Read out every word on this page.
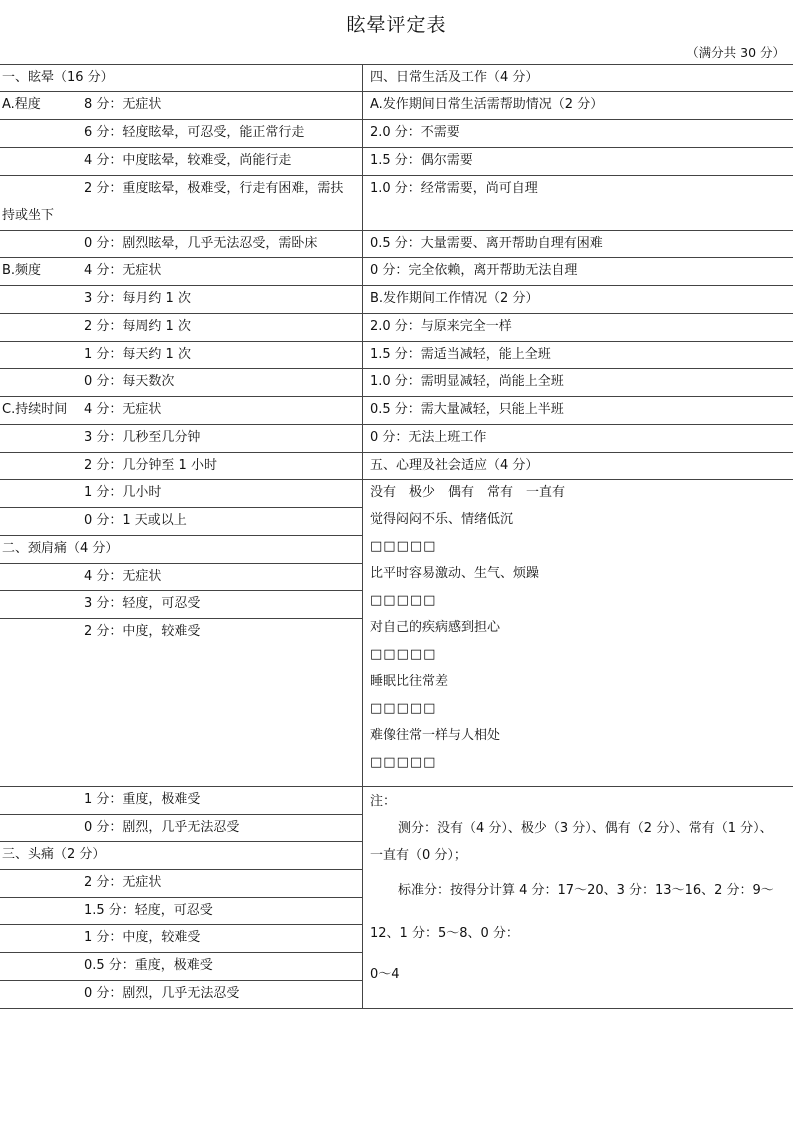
眩晕评定表
（满分共 30 分）
一、眩晕（16 分）
A.程度	8 分：无症状
6 分：轻度眩晕，可忍受，能正常行走
4 分：中度眩晕，较难受，尚能行走
2 分：重度眩晕，极难受，行走有困难，需扶
持或坐下
0 分：剧烈眩晕，几乎无法忍受，需卧床
B.频度	4 分：无症状
3 分：每月约 1 次
2 分：每周约 1 次
1 分：每天约 1 次
0 分：每天数次
C.持续时间 4 分：无症状
3 分：几秒至几分钟
2 分：几分钟至 1 小时
1 分：几小时
0 分：1 天或以上
二、颈肩痛（4 分）
4 分：无症状
3 分：轻度，可忍受
2 分：中度，较难受
1 分：重度，极难受
0 分：剧烈，几乎无法忍受
三、头痛（2 分）
2 分：无症状
1.5 分：轻度，可忍受
1 分：中度，较难受
0.5 分：重度，极难受
0 分：剧烈，几乎无法忍受
四、日常生活及工作（4 分）
A.发作期间日常生活需帮助情况（2 分）
2.0 分：不需要
1.5 分：偶尔需要
1.0 分：经常需要，尚可自理
0.5 分：大量需要、离开帮助自理有困难
0 分：完全依赖，离开帮助无法自理
B.发作期间工作情况（2 分）
2.0 分：与原来完全一样
1.5 分：需适当减轻，能上全班
1.0 分：需明显减轻，尚能上全班
0.5 分：需大量减轻，只能上半班
0 分：无法上班工作
五、心理及社会适应（4 分）
没有　极少　偶有　常有　一直有
觉得闷闷不乐、情绪低沉
□□□□□
比平时容易激动、生气、烦躁
□□□□□
对自己的疾病感到担心
□□□□□
睡眠比往常差
□□□□□
难像往常一样与人相处
□□□□□
注：
测分：没有（4 分）、极少（3 分）、偶有（2 分）、常有（1 分）、
一直有（0 分）；
标准分：按得分计算 4 分：17～20、3 分：13～16、2 分：9～
12、1 分：5～8、0 分：
0～4
